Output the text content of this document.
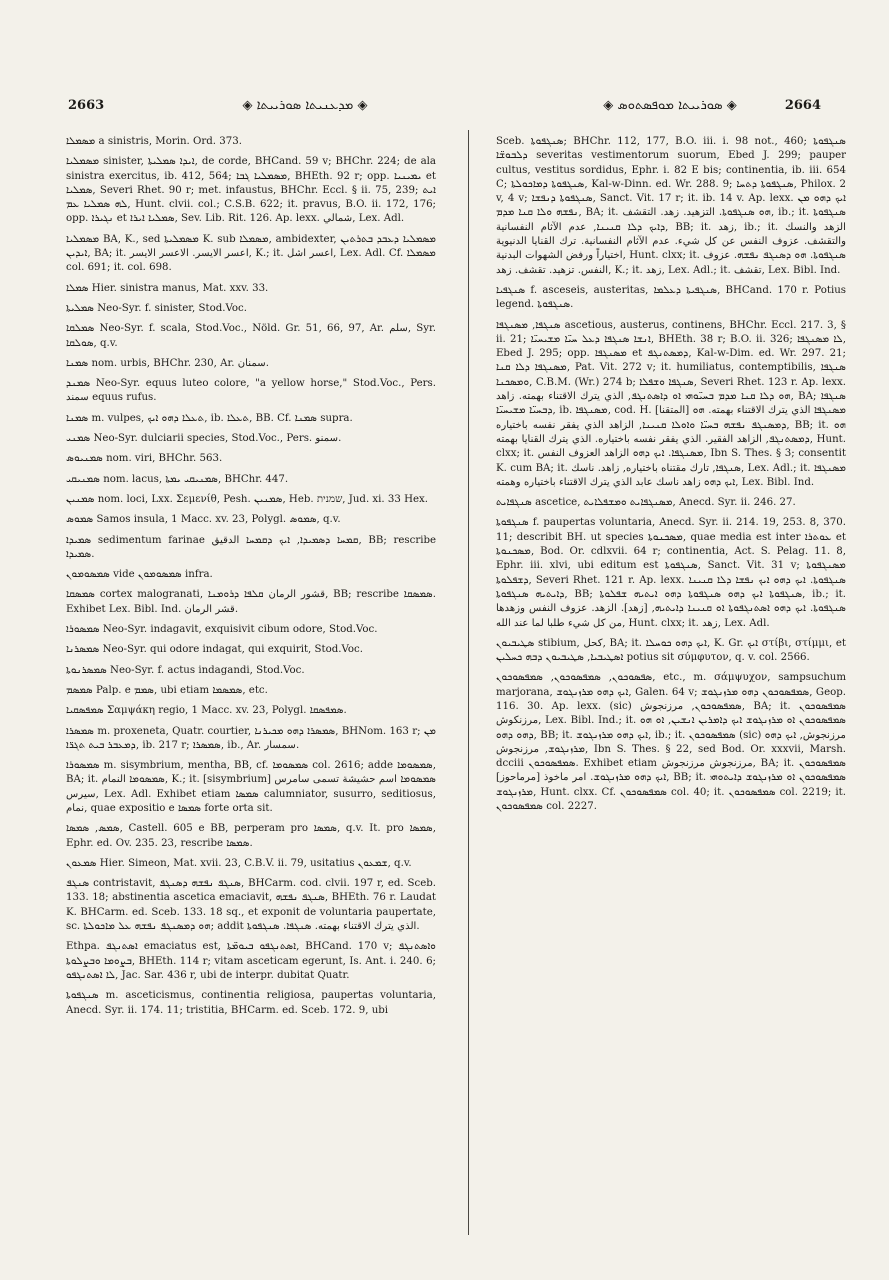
2663	◈ ܡܕܥܢܝܬܐ ܣܘܪܝܝܬܐ ◈	◈ ܣܘܪܝܝܬܐ ܡܘܦܣܬܘܣ ◈	2664

ܡܣܡܠܐ a sinistris, Morin. Ord. 373.

ܡܣܡܠܝܐ sinister, ܐܝܕܐ ܣܡܠܝܬܐ, de corde, BHCand. 59 v; BHChr. 224; de ala sinistra exercitus, ib. 412, 564; ܡܣܡܠܝܐ ܓܒܐ, BHEth. 92 r; opp. ܝܡܝܢܝܐ et ܣܡܠܝܐ, Severi Rhet. 90 r; met. infaustus, BHChr. Eccl. § ii. 75, 239; ܐܝܬ ܠܗ ܣܡܠܝܐ ܥܡ, Hunt. clvii. col.; C.S.B. 622; it. pravus, B.O. ii. 172, 176; opp. ܢܓܝܪܐ et ܣܡܠܝܐ ܐܝܪܐ, Sev. Lib. Rit. 126. Ap. lexx. شمالي, Lex. Adl.

ܡܣܡܠܝܐ BA, K., sed ܡܣܡܠܝܬܐ K. sub ܡܣܡܠܐ, ambidexter, ܡܣܡܠܝܐ ܕܥܒܕ ܒܬܪܬܝܢ ܐܝܕܝܢ, BA; it. اعسر الايسر. الاعسر الايسر, K.; it. اعسر اشل, Lex. Adl. Cf. ܡܣܡܠܐ col. 691; it. col. 698.

ܣܡܠܐ Hier. sinistra manus, Mat. xxv. 33.

ܣܡܠܝܬܐ Neo-Syr. f. sinister, Stod.Voc.

ܣܡܠܩܐ Neo-Syr. f. scala, Stod.Voc., Nöld. Gr. 51, 66, 97, Ar. سلم, Syr. ܣܘܠܩܐ, q.v.

ܣܡܢܐ nom. urbis, BHChr. 230, Ar. سمنان.

ܣܡܢܕ Neo-Syr. equus luteo colore, "a yellow horse," Stod.Voc., Pers. سمند equus rufus.

ܣܡܢܐ m. vulpes, ܬܥܠܐ ܕܗܘ ܐܝܟ, ib. ܬܥܠܐ, BB. Cf. ܣܡܢܐ supra.

ܣܡܢܝ Neo-Syr. dulciarii species, Stod.Voc., Pers. سمنو.

ܣܡܢܝܘܣ nom. viri, BHChr. 563.

ܣܡܢܝܩܝ nom. lacus, ܣܡܢܝܩܝ ܝܡܬܐ, BHChr. 447.

ܣܡܢܝܢ nom. loci, Lxx. Σεμενίθ, Pesh. ܣܡܢܝܢ, Heb. שמנית, Jud. xi. 33 Hex.

ܣܡܘܣ Samos insula, 1 Macc. xv. 23, Polygl. ܣܡܘܣ, q.v.

ܣܡܝܕܐ sedimentum farinae ܩܡܚܐ ܕܣܡܝܕܐ, ܐܝܟ ܕܩܡܚܐ الدقيق, BB; rescribe ܣܡܝܕܐ.

ܣܡܣܘܡܘܢ vide ܣܡܣܘܡܘܢ infra.

ܣܡܣܩܐ cortex malogranati, قشور الرمان ܩܠܦܐ ܕܪܘܡܢܐ, BB; rescribe ܣܡܣܩܐ. Exhibet Lex. Bibl. Ind. قشر الرمان.

ܣܡܣܘܪܐ Neo-Syr. indagavit, exquisivit cibum odore, Stod.Voc.

ܣܡܣܪܢܐ Neo-Syr. qui odore indagat, qui exquirit, Stod.Voc.

ܣܡܣܪܢܘܬܐ Neo-Syr. f. actus indagandi, Stod.Voc.

ܣܡܣܡ Palp. e ܣܡܡ, ubi etiam ܣܡܣܡܐ, etc.

ܣܡܦܣܩܝܐ Σαμψάκη regio, 1 Macc. xv. 23, Polygl. ܣܡܦܣܩܐ.

ܣܡܣܪܐ m. proxeneta, Quatr. courtier, ܣܡܣܪܐ ܕܗܘ ܡܟܝܪܢܐ, BHNom. 163 r; ܡܢ ܕܡܥܒܪ ܒܝܬ ܬܓܪ̈ܐ, ib. 217 r; ܣܡܣܪܐ, ib., Ar. سمسار.

ܣܡܣܘܪܐ m. sisymbrium, mentha, BB, cf. ܣܡܣܘܡܐ col. 2616; adde ܣܡܣܘܡܐ, BA; it. ܣܡܣܘܡܐ النمام, K.; it. [sisymbrium] ܣܡܣܘܡܐ اسم حشيشة تسمى سامرس سيرس, Lex. Adl. Exhibet etiam ܣܡܣܐ calumniator, susurro, seditiosus, نمام, quae expositio e ܣܡܣܐ forte orta sit.

ܣܡܣ, ܣܡܣܐ, Castell. 605 e BB, perperam pro ܣܡܣܐ, q.v. It. pro ܣܡܣܐ, Ephr. ed. Ov. 235. 23, rescribe ܣܡܣܐ.

ܣܡܥܘܢ Hier. Simeon, Mat. xvii. 23, C.B.V. ii. 79, usitatius ܫܡܥܘܢ, q.v.

ܣܢܓܦ contristavit, ܣܢܓܦ ܢܦܫܗ ܕܣܢܓܦ, BHCarm. cod. clvii. 197 r, ed. Sceb. 133. 18; abstinentia ascetica emaciavit, ܣܢܓܦ ܢܦܫܗ, BHEth. 76 r. Laudat K. BHCarm. ed. Sceb. 133. 18 sq., et exponit de voluntaria paupertate, sc. ܗܘ ܕܡܣܢܓܦ ܢܦܫܗ ܥܠ ܡܐܟܘܠܬܐ; addit الذي يترك الاقتناء بهمته. ܣܢܓܦܐ. ܣܢܓܦܘܬܐ.

Ethpa. ܐܣܬܢܓܦ emaciatus est, ܐܣܬܢܓܦܘ ܒܝܘܡ̈ܬܐ, BHCand. 170 v; ܘܐܣܬܢܓܦ ܒܨܘܡܐ ܘܒܨܠܘܬܐ, BHEth. 114 r; vitam asceticam egerunt, Is. Ant. i. 240. 6; ܠܐ ܐܣܬܢܓܦܘ, Jac. Sar. 436 r, ubi de interpr. dubitat Quatr.

ܣܢܓܦܘܬܐ m. asceticismus, continentia religiosa, paupertas voluntaria, Anecd. Syr. ii. 174. 11; tristitia, BHCarm. ed. Sceb. 172. 9, ubi

Sceb. ܣܢܓܦܘܬܐ; BHChr. 112, 177, B.O. iii. i. 98 not., 460; ܣܢܓܦܘܬܐ ܕܠܒܘܫ̈ܐ severitas vestimentorum suorum, Ebed J. 299; pauper cultus, vestitus sordidus, Ephr. i. 82 E bis; continentia, ib. iii. 654 C; ܣܢܓܦܘܬܐ ܕܡܐܟܘܠܬܐ, Kal-w-Dinn. ed. Wr. 288. 9; ܣܢܓܦܘܬܐ ܕܬܚܐ, Philox. 2 v, 4 v; ܣܢܓܦܘܬܐ ܕܢܦܫܐ, Sanct. Vit. 17 r; it. ib. 14 v. Ap. lexx. ܐܝܟ ܕܗܘ ܡܢ ܢܦܫܗ ܘܠܐ ܩܢܐ ܡܕܡ, BA; it. ܗܘ ܣܢܓܦܘܬܐ. التزهيد. زهد. التقشف, ib.; it. ܣܢܓܦܘܬܐ ܕܐܝܟ ܕܠܐ ܩܢܝܢܐ, عدم الآثام النفسانية, BB; it. زهد, ib.; it. الزهد والنسك والتقشف. عزوف النفس عن كل شيء. عدم الآثام النفسانية. ترك القنايا الدنيوية اختياراً ورفض الشهوات البدنية, Hunt. clxx; it. ܣܢܓܦܘܬܐ. ܗܘ ܕܣܢܓܦ ܢܦܫܗ. عزوف النفس. تزهيد. تقشف. زهد, K.; it. زهد, Lex. Adl.; it. تقشف, Lex. Bibl. Ind.

ܣܢܓܦܝܐ f. asceseis, austeritas, ܣܢܓܦܝܬܐ ܕܥܠܡܐ, BHCand. 170 r. Potius legend. ܣܢܓܦܘܬܐ.

ܣܢܓܦܐ, ܡܣܢܓܦܐ ascetious, austerus, continens, BHChr. Eccl. 217. 3, § ii. 21; ܐܢܫܐ ܣܢܓܦܐ ܕܥܠ ܚܝ̈ܐ ܡܫܝܚܝ̈ܐ, BHEth. 38 r; B.O. ii. 326; ܠܐ ܡܣܢܓܦܐ, Ebed J. 295; opp. ܡܣܢܓܦܐ et ܕܡܣܬܢܓܦ, Kal-w-Dim. ed. Wr. 297. 21; ܡܣܢܓܦܐ ܕܠܐ ܩܢܐ, Pat. Vit. 272 v; it. humiliatus, contemptibilis, ܣܢܓܦܐ ܘܡܣܟܢܐ, C.B.M. (Wr.) 274 b; ܣܢܓܦܐ ܘܫܦܠܐ, Severi Rhet. 123 r. Ap. lexx. ܗܘ ܕܠܐ ܩܢܐ ܡܕܡ ܒܚܝ̈ܘܗܝ ܐܘ ܕܐܣܬܢܓܦ, الذي يترك الاقتناء بهمته. زاهد, BA; ܣܢܓܦܐ ܕܒܚܝ̈ܐ ܡܫܝܚܝ̈ܐ, ib. ܡܣܢܓܦܐ, cod. H. [المتقنا] ܡܣܢܓܦܐ الذي يترك الاقتناء بهمته. ܗܘ ܕܡܣܢܓܦ ܢܦܫܗ ܒܚܝ̈ܐ ܘܐܘܠܐ ܩܢܝܢܐ, الزاهد الذي يفقر نفسه باختياره, BB; it. ܗܘ ܕܡܣܬܢܓܦ, الزاهد الفقير. الذي يفقر نفسه باختياره. الذي يترك القنايا بهمته, Hunt. clxx; it. ܡܣܢܓܦܐ. ܐܝܟ ܕܗܘ الزاهد العزوف النفس, Ibn S. Thes. § 3; consentit K. cum BA; it. ܣܢܓܦܐ, تارك مقتناه باختياره, زاهد. ناسك, Lex. Adl.; it. ܡܣܢܓܦܐ ܐܝܟ ܕܗܘ زاهد ناسك عابد الذي يترك الاقتناء باختياره وهمته, Lex. Bibl. Ind.

ܣܢܓܦܐܝܬ ascetice, ܡܣܢܓܦܐܝܬ ܘܡܫܦܠܐܝܬ, Anecd. Syr. ii. 246. 27.

ܣܢܓܦܘܬܐ f. paupertas voluntaria, Anecd. Syr. ii. 214. 19, 253. 8, 370. 11; describit BH. ut species ܡܣܟܢܘܬܐ, quae media est inter ܥܘܬܪܐ et ܡܣܟܢܘܬܐ, Bod. Or. cdlxvii. 64 r; continentia, Act. S. Pelag. 11. 8, Ephr. iii. xlvi, ubi editum est ܣܢܓܦܘܬܐ, Sanct. Vit. 31 v; ܡܣܢܓܦܘܬܐ ܕܫܦܠܘܬܐ, Severi Rhet. 121 r. Ap. lexx. ܣܢܓܦܘܬܐ. ܐܝܟ ܕܗܘ ܐܝܟ ܢܦܫܐ ܕܠܐ ܩܢܝܢܐ ܕܐܝܬܝܗ ܣܢܓܦܘܬܐ, BB; ܣܢܓܦܘܬܐ ܐܝܟ ܕܗܘ ܣܢܓܦܘܬܐ ܕܗܘ ܐܝܬܝܗ ܫܦܠܘܬܐ, ib.; it. ܣܢܓܦܘܬܐ. ܐܝܟ ܕܗܘ ܐܣܬܢܓܦܘܬܐ ܐܘ ܩܢܝܢܐ ܕܐܝܬܝܗ, [زهد]. الزهد. عزوف النفس وزهدها من كل شيء طلبا لما عند الله, Hunt. clxx; it. زهد, Lex. Adl.

ܣܛܝܒܝܘܢ stibium, كحل, BA; it. ܐܝܟ ܕܗܘ ܟܘܚܠܐ, K. Gr. ܐܝܟ στίβι, στίμμι, et ܐܣܛܝܒܝܐ, ܣܛܝܒܝܘܢ ܕܒܗ ܟܚܠܝܢ potius sit σύμφυτον, q. v. col. 2566.

ܣܦܣܘܟܘܢ, ܣܡܦܣܘܟܘܢ, ܣܡܦܣܘܟܘܢ, etc., m. σάμψυχον, sampsuchum marjorana, ܐܝܟ ܕܗܘ ܡܪܙܢܓܘܫ, Galen. 64 v; ܣܡܦܣܘܟܘܢ ܕܗܘ ܡܪܙܢܓܘܫ, Geop. 116. 30. Ap. lexx. (sic) ܣܡܦܣܘܟܘܢ, مرزنجوش, BA; it. ܣܡܦܣܘܟܘܢ مرزنكوش, Lex. Bibl. Ind.; it. ܣܡܦܣܘܟܘܢ ܐܘ ܡܪܙܢܓܘܫ ܐܝܟ ܕܐܡܪܝܢ ܐܢܫܝܢ, ܐܘ ܗܘ ܕܗܘ ܕܗܘ, BB; it. ܐܝܟ ܕܗܘ ܡܪܙܢܓܘܫ, ib.; it. ܣܡܦܣܘܟܘܢ (sic) مرزنجوش, ܐܝܟ ܕܗܘ ܡܪܙܢܓܘܫ, مرزنجوش, Ibn S. Thes. § 22, sed Bod. Or. xxxvii, Marsh. dcciii ܣܡܦܣܘܟܘܢ. Exhibet etiam مرزنجوش مرزنجوش, BA; it. ܣܡܦܣܘܟܘܢ ܐܝܟ ܕܗܘ ܡܪܙܢܓܘܫ. امر ماخوذ [مرماحوز], BB; it. ܣܡܦܣܘܟܘܢ ܐܘ ܡܪܙܢܓܘܫ ܕܐܝܬܘܗܝ ܡܪܙܢܓܘܫ, Hunt. clxx. Cf. ܣܡܦܣܘܟܘܢ col. 40; it. ܣܡܦܣܘܟܘܢ col. 2219; it. ܣܡܦܣܘܟܘܢ col. 2227.
